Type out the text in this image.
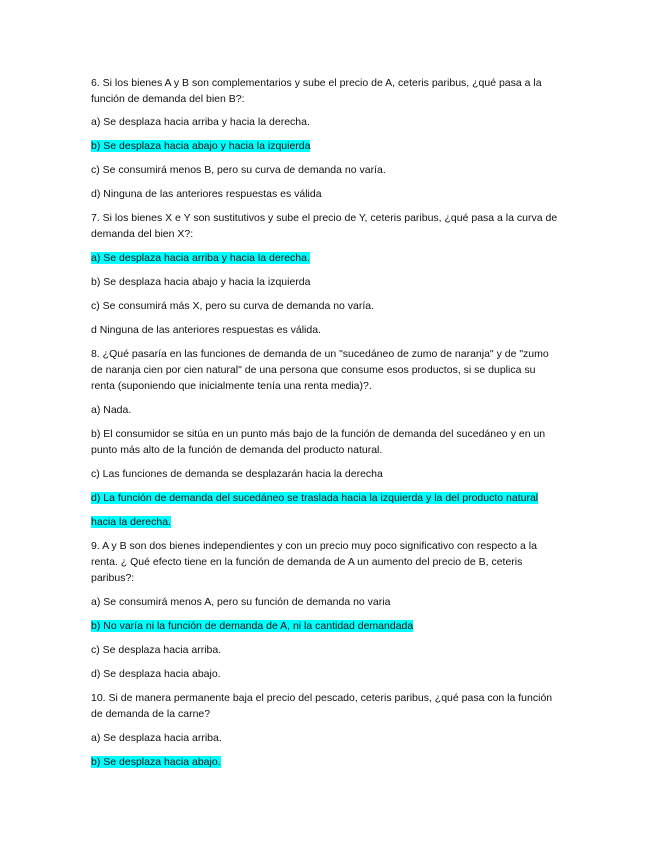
6. Si los bienes A y B son complementarios y sube el precio de A, ceteris paribus, ¿qué pasa a la
función de demanda del bien B?:
a) Se desplaza hacia arriba y hacia la derecha.
b) Se desplaza hacia abajo y hacia la izquierda
c) Se consumirá menos B, pero su curva de demanda no varía.
d) Ninguna de las anteriores respuestas es válida
7. Si los bienes X e Y son sustitutivos y sube el precio de Y, ceteris paribus, ¿qué pasa a la curva de
demanda del bien X?:
a) Se desplaza hacia arriba y hacia la derecha.
b) Se desplaza hacia abajo y hacia la izquierda
c) Se consumirá más X, pero su curva de demanda no varía.
d Ninguna de las anteriores respuestas es válida.
8. ¿Qué pasaría en las funciones de demanda de un "sucedáneo de zumo de naranja" y de "zumo
de naranja cien por cien natural" de una persona que consume esos productos, si se duplica su
renta (suponiendo que inicialmente tenía una renta media)?.
a) Nada.
b) El consumidor se sitúa en un punto más bajo de la función de demanda del sucedáneo y en un
punto más alto de la función de demanda del producto natural.
c) Las funciones de demanda se desplazarán hacia la derecha
d) La función de demanda del sucedáneo se traslada hacia la izquierda y la del producto natural
hacia la derecha.
9. A y B son dos bienes independientes y con un precio muy poco significativo con respecto a la
renta. ¿ Qué efecto tiene en la función de demanda de A un aumento del precio de B, ceteris
paribus?:
a) Se consumirá menos A, pero su función de demanda no varia
b) No varía ni la función de demanda de A, ni la cantidad demandada
c) Se desplaza hacia arriba.
d) Se desplaza hacia abajo.
10. Si de manera permanente baja el precio del pescado, ceteris paribus, ¿qué pasa con la función
de demanda de la carne?
a) Se desplaza hacia arriba.
b) Se desplaza hacia abajo.
